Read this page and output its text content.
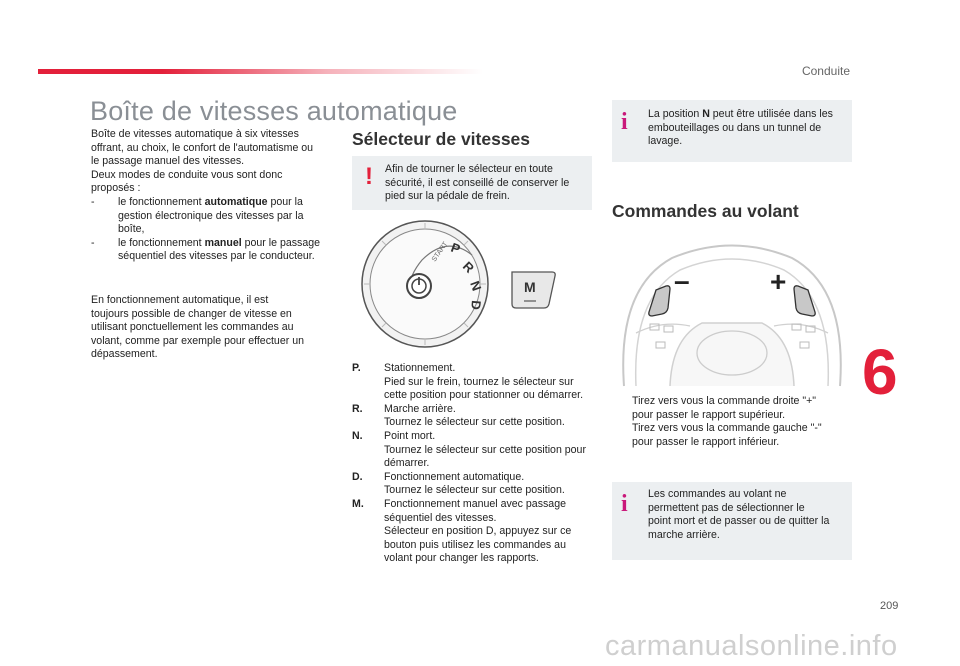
Conduite
Boîte de vitesses automatique
Boîte de vitesses automatique à six vitesses
offrant, au choix, le confort de l'automatisme ou
le passage manuel des vitesses.
Deux modes de conduite vous sont donc
proposés :
-	le fonctionnement automatique pour la
gestion électronique des vitesses par la
boîte,
-	le fonctionnement manuel pour le passage
séquentiel des vitesses par le conducteur.
En fonctionnement automatique, il est
toujours possible de changer de vitesse en
utilisant ponctuellement les commandes au
volant, comme par exemple pour effectuer un
dépassement.
Sélecteur de vitesses
! Afin de tourner le sélecteur en toute
sécurité, il est conseillé de conserver le
pied sur la pédale de frein.
START P
R
N
D
M
P. Stationnement.
Pied sur le frein, tournez le sélecteur sur
cette position pour stationner ou démarrer.
R. Marche arrière.
Tournez le sélecteur sur cette position.
N. Point mort.
Tournez le sélecteur sur cette position pour
démarrer.
D. Fonctionnement automatique.
Tournez le sélecteur sur cette position.
M. Fonctionnement manuel avec passage
séquentiel des vitesses.
Sélecteur en position D, appuyez sur ce
bouton puis utilisez les commandes au
volant pour changer les rapports.
i La position N peut être utilisée dans les
embouteillages ou dans un tunnel de
lavage.
Commandes au volant
–	+
Tirez vers vous la commande droite "+"
pour passer le rapport supérieur.
Tirez vers vous la commande gauche "-"
pour passer le rapport inférieur.
i Les commandes au volant ne
permettent pas de sélectionner le
point mort et de passer ou de quitter la
marche arrière.
6
209
carmanualsonline.info
